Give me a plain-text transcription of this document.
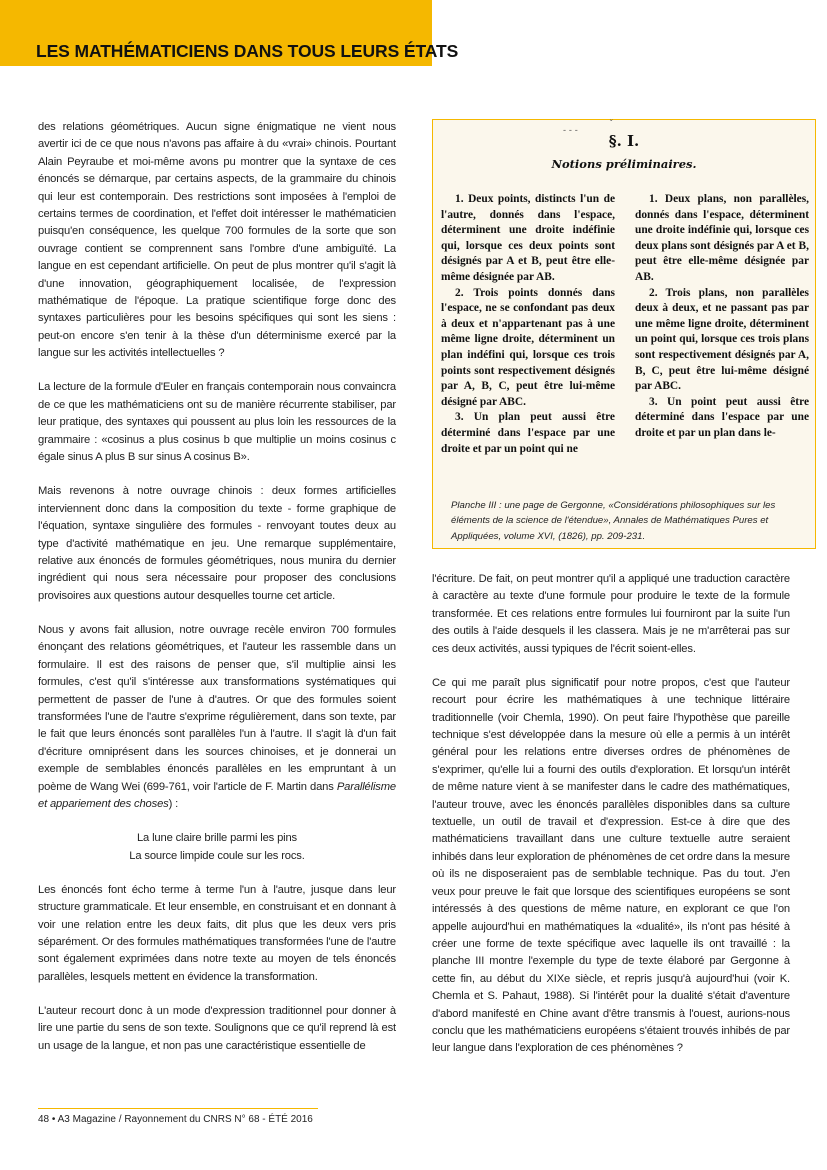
LES MATHÉMATICIENS DANS TOUS LEURS ÉTATS

des relations géométriques. Aucun signe énigmatique ne vient nous avertir ici de ce que nous n'avons pas affaire à du «vrai» chinois. Pourtant Alain Peyraube et moi-même avons pu montrer que la syntaxe de ces énoncés se démarque, par certains aspects, de la grammaire du chinois qui leur est contemporain. Des restrictions sont imposées à l'emploi de certains termes de coordination, et l'effet doit intéresser le mathématicien puisqu'en conséquence, les quelque 700 formules de la sorte que son ouvrage contient se comprennent sans l'ombre d'une ambiguïté. La langue en est cependant artificielle. On peut de plus montrer qu'il s'agit là d'une innovation, géographiquement localisée, de l'expression mathématique de l'époque. La pratique scientifique forge donc des syntaxes particulières pour les besoins spécifiques qui sont les siens : peut-on encore s'en tenir à la thèse d'un déterminisme exercé par la langue sur les activités intellectuelles ?

La lecture de la formule d'Euler en français contemporain nous convaincra de ce que les mathématiciens ont su de manière récurrente stabiliser, par leur pratique, des syntaxes qui poussent au plus loin les ressources de la grammaire : «cosinus a plus cosinus b que multiplie un moins cosinus c égale sinus A plus B sur sinus A cosinus B».

Mais revenons à notre ouvrage chinois : deux formes artificielles interviennent donc dans la composition du texte - forme graphique de l'équation, syntaxe singulière des formules - renvoyant toutes deux au type d'activité mathématique en jeu. Une remarque supplémentaire, relative aux énoncés de formules géométriques, nous munira du dernier ingrédient qui nous sera nécessaire pour proposer des conclusions provisoires aux questions autour desquelles tourne cet article.

Nous y avons fait allusion, notre ouvrage recèle environ 700 formules énonçant des relations géométriques, et l'auteur les rassemble dans un formulaire. Il est des raisons de penser que, s'il multiplie ainsi les formules, c'est qu'il s'intéresse aux transformations systématiques qui permettent de passer de l'une à d'autres. Or que des formules soient transformées l'une de l'autre s'exprime régulièrement, dans son texte, par le fait que leurs énoncés sont parallèles l'un à l'autre. Il s'agit là d'un fait d'écriture omniprésent dans les sources chinoises, et je donnerai un exemple de semblables énoncés parallèles en les empruntant à un poème de Wang Wei (699-761, voir l'article de F. Martin dans Parallélisme et appariement des choses) :

La lune claire brille parmi les pins
La source limpide coule sur les rocs.

Les énoncés font écho terme à terme l'un à l'autre, jusque dans leur structure grammaticale. Et leur ensemble, en construisant et en donnant à voir une relation entre les deux faits, dit plus que les deux vers pris séparément. Or des formules mathématiques transformées l'une de l'autre sont également exprimées dans notre texte au moyen de tels énoncés parallèles, lesquels mettent en évidence la transformation.

L'auteur recourt donc à un mode d'expression traditionnel pour donner à lire une partie du sens de son texte. Soulignons que ce qu'il reprend là est un usage de la langue, et non pas une caractéristique essentielle de

- - -
ˇ
§. I.
Notions préliminaires.

1. Deux points, distincts l'un de l'autre, donnés dans l'espace, déterminent une droite indéfinie qui, lorsque ces deux points sont désignés par A et B, peut être elle-même désignée par AB.

2. Trois points donnés dans l'espace, ne se confondant pas deux à deux et n'appartenant pas à une même ligne droite, déterminent un plan indéfini qui, lorsque ces trois points sont respectivement désignés par A, B, C, peut être lui-même désigné par ABC.

3. Un plan peut aussi être déterminé dans l'espace par une droite et par un point qui ne

1. Deux plans, non parallèles, donnés dans l'espace, déterminent une droite indéfinie qui, lorsque ces deux plans sont désignés par A et B, peut être elle-même désignée par AB.

2. Trois plans, non parallèles deux à deux, et ne passant pas par une même ligne droite, déterminent un point qui, lorsque ces trois plans sont respectivement désignés par A, B, C, peut être lui-même désigné par ABC.

3. Un point peut aussi être déterminé dans l'espace par une droite et par un plan dans le-

Planche III : une page de Gergonne, «Considérations philosophiques sur les éléments de la science de l'étendue», Annales de Mathématiques Pures et Appliquées, volume XVI, (1826), pp. 209-231.

l'écriture. De fait, on peut montrer qu'il a appliqué une traduction caractère à caractère au texte d'une formule pour produire le texte de la formule transformée. Et ces relations entre formules lui fourniront par la suite l'un des outils à l'aide desquels il les classera. Mais je ne m'arrêterai pas sur ces deux activités, aussi typiques de l'écrit soient-elles.

Ce qui me paraît plus significatif pour notre propos, c'est que l'auteur recourt pour écrire les mathématiques à une technique littéraire traditionnelle (voir Chemla, 1990). On peut faire l'hypothèse que pareille technique s'est développée dans la mesure où elle a permis à un intérêt général pour les relations entre diverses ordres de phénomènes de s'exprimer, qu'elle lui a fourni des outils d'exploration. Et lorsqu'un intérêt de même nature vient à se manifester dans le cadre des mathématiques, l'auteur trouve, avec les énoncés parallèles disponibles dans sa culture textuelle, un outil de travail et d'expression. Est-ce à dire que des mathématiciens travaillant dans une culture textuelle autre seraient inhibés dans leur exploration de phénomènes de cet ordre dans la mesure où ils ne disposeraient pas de semblable technique. Pas du tout. J'en veux pour preuve le fait que lorsque des scientifiques européens se sont intéressés à des questions de même nature, en explorant ce que l'on appelle aujourd'hui en mathématiques la «dualité», ils n'ont pas hésité à créer une forme de texte spécifique avec laquelle ils ont travaillé : la planche III montre l'exemple du type de texte élaboré par Gergonne à cette fin, au début du XIXe siècle, et repris jusqu'à aujourd'hui (voir K. Chemla et S. Pahaut, 1988). Si l'intérêt pour la dualité s'était d'aventure d'abord manifesté en Chine avant d'être transmis à l'ouest, aurions-nous conclu que les mathématiciens européens s'étaient trouvés inhibés de par leur langue dans l'exploration de ces phénomènes ?

48 • A3 Magazine / Rayonnement du CNRS N° 68 - ÉTÉ 2016
